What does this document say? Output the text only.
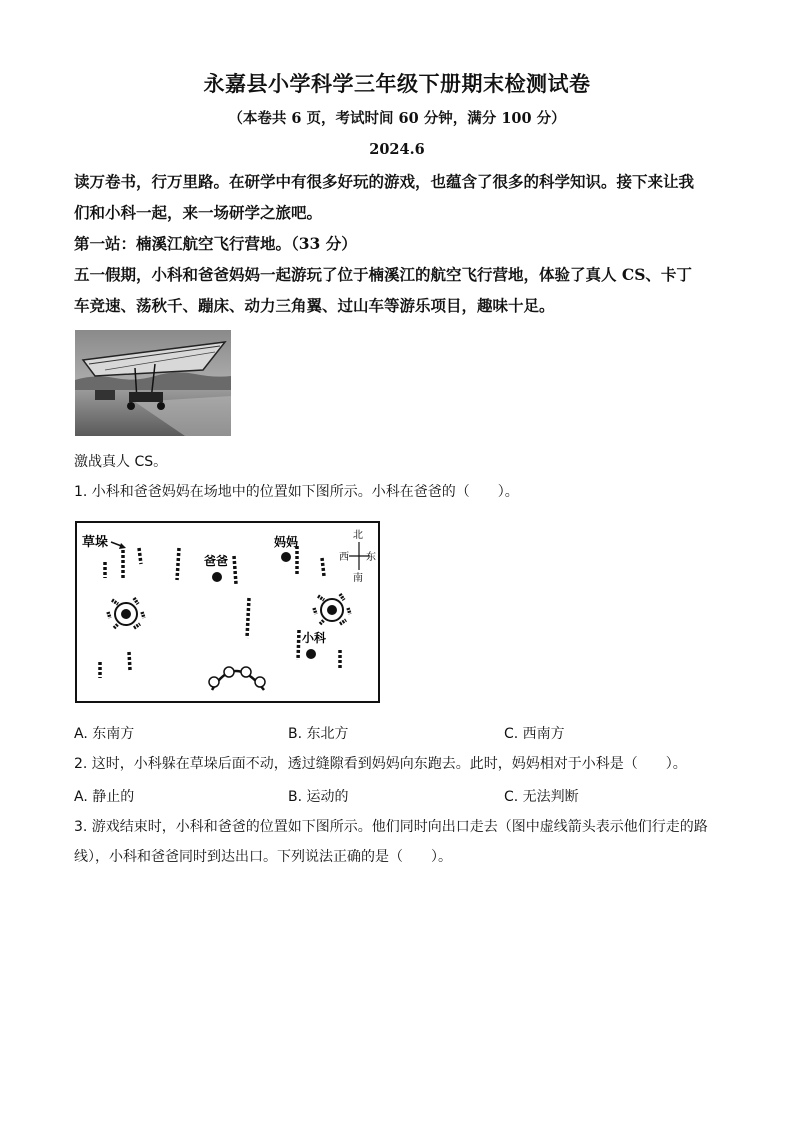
永嘉县小学科学三年级下册期末检测试卷
（本卷共 6 页，考试时间 60 分钟，满分 100 分）
2024.6
读万卷书，行万里路。在研学中有很多好玩的游戏，也蕴含了很多的科学知识。接下来让我
们和小科一起，来一场研学之旅吧。
第一站：楠溪江航空飞行营地。（33 分）
五一假期，小科和爸爸妈妈一起游玩了位于楠溪江的航空飞行营地，体验了真人 CS、卡丁
车竞速、荡秋千、蹦床、动力三角翼、过山车等游乐项目，趣味十足。
激战真人 CS。
1. 小科和爸爸妈妈在场地中的位置如下图所示。小科在爸爸的（　　）。
草垛
爸爸
妈妈
小科
北
南
西 东
A. 东南方	B. 东北方	C. 西南方
2. 这时，小科躲在草垛后面不动，透过缝隙看到妈妈向东跑去。此时，妈妈相对于小科是（　　）。
A. 静止的	B. 运动的	C. 无法判断
3. 游戏结束时，小科和爸爸的位置如下图所示。他们同时向出口走去（图中虚线箭头表示他们行走的路
线），小科和爸爸同时到达出口。下列说法正确的是（　　）。
